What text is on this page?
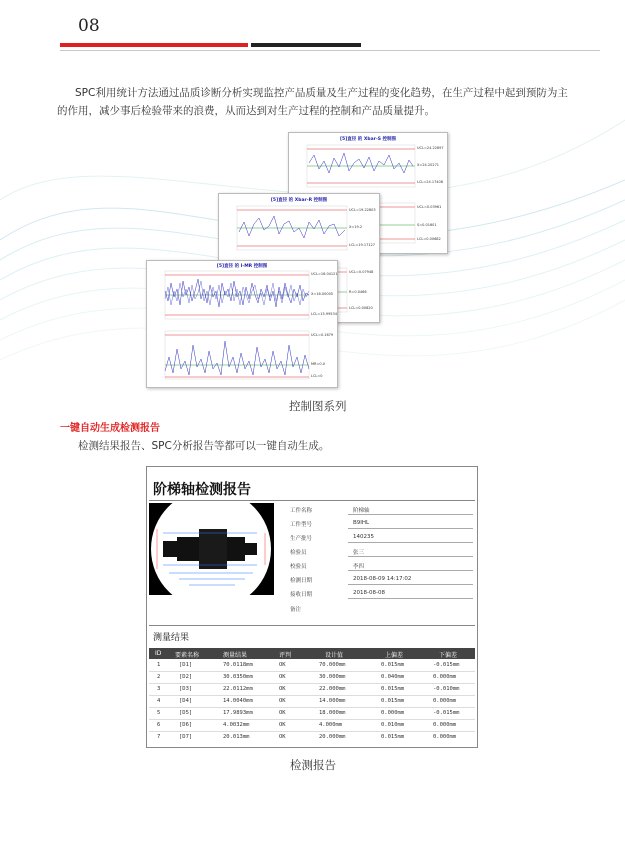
08
SPC利用统计方法通过品质诊断分析实现监控产品质量及生产过程的变化趋势，在生产过程中起到预防为主的作用，减少事后检验带来的浪费，从而达到对生产过程的控制和产品质量提升。
[5]直径 的 Xbar-S 控制图
UCL=24.22897
X=24.20271
LCL=24.17408
UCL=0.03961
S=0.01601
LCL=0.00682
[5]直径 的 Xbar-R 控制图
UCL=19.22803
X=19.2
LCL=19.17127
UCL=0.07948
R=0.0466
LCL=0.00820
[5]直径 的 I-MR 控制图
UCL=16.04121
X=16.00005
LCL=15.99534
UCL=0.1679
MR=0.0
LCL=0
控制图系列
一键自动生成检测报告
检测结果报告、SPC分析报告等都可以一键自动生成。
阶梯轴检测报告
工件名称	阶梯轴
工件型号	B9IHL
生产批号	140235
检验员	张三
校验员	李四
检测日期	2018-08-09 14:17:02
接收日期	2018-08-08
备注
测量结果
ID 要素名称	测量结果	评判	设计值	上偏差	下偏差
1	[D1]	70.0118mm	OK	70.000mm	0.015mm	-0.015mm
2	[D2]	30.0350mm	OK	30.000mm	0.040mm	0.000mm
3	[D3]	22.0112mm	OK	22.000mm	0.015mm	-0.010mm
4	[D4]	14.0040mm	OK	14.000mm	0.015mm	0.000mm
5	[D5]	17.9893mm	OK	18.000mm	0.000mm	-0.015mm
6	[D6]	4.0032mm	OK	4.000mm	0.010mm	0.000mm
7	[D7]	20.013mm	OK	20.000mm	0.015mm	0.000mm
检测报告
